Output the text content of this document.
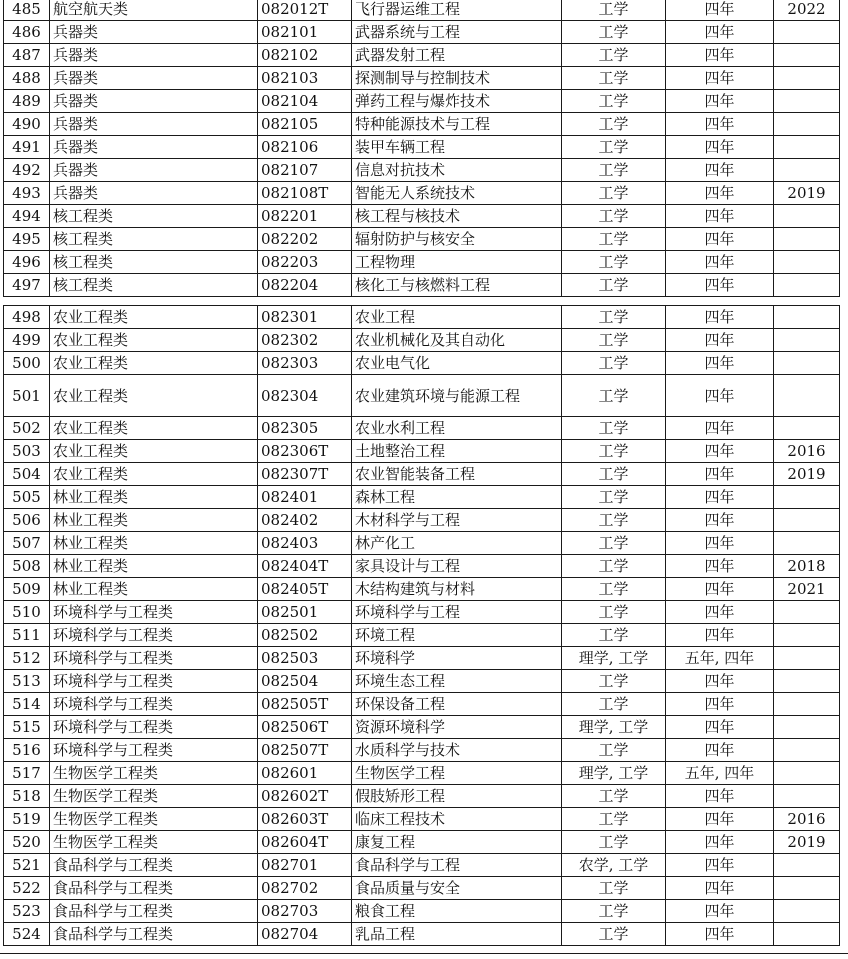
485	航空航天类	082012T	飞行器运维工程	工学	四年	2022
486	兵器类	082101	武器系统与工程	工学	四年	
487	兵器类	082102	武器发射工程	工学	四年	
488	兵器类	082103	探测制导与控制技术	工学	四年	
489	兵器类	082104	弹药工程与爆炸技术	工学	四年	
490	兵器类	082105	特种能源技术与工程	工学	四年	
491	兵器类	082106	装甲车辆工程	工学	四年	
492	兵器类	082107	信息对抗技术	工学	四年	
493	兵器类	082108T	智能无人系统技术	工学	四年	2019
494	核工程类	082201	核工程与核技术	工学	四年	
495	核工程类	082202	辐射防护与核安全	工学	四年	
496	核工程类	082203	工程物理	工学	四年	
497	核工程类	082204	核化工与核燃料工程	工学	四年	
498	农业工程类	082301	农业工程	工学	四年	
499	农业工程类	082302	农业机械化及其自动化	工学	四年	
500	农业工程类	082303	农业电气化	工学	四年	
501	农业工程类	082304	农业建筑环境与能源工程	工学	四年	
502	农业工程类	082305	农业水利工程	工学	四年	
503	农业工程类	082306T	土地整治工程	工学	四年	2016
504	农业工程类	082307T	农业智能装备工程	工学	四年	2019
505	林业工程类	082401	森林工程	工学	四年	
506	林业工程类	082402	木材科学与工程	工学	四年	
507	林业工程类	082403	林产化工	工学	四年	
508	林业工程类	082404T	家具设计与工程	工学	四年	2018
509	林业工程类	082405T	木结构建筑与材料	工学	四年	2021
510	环境科学与工程类	082501	环境科学与工程	工学	四年	
511	环境科学与工程类	082502	环境工程	工学	四年	
512	环境科学与工程类	082503	环境科学	理学, 工学	五年, 四年	
513	环境科学与工程类	082504	环境生态工程	工学	四年	
514	环境科学与工程类	082505T	环保设备工程	工学	四年	
515	环境科学与工程类	082506T	资源环境科学	理学, 工学	四年	
516	环境科学与工程类	082507T	水质科学与技术	工学	四年	
517	生物医学工程类	082601	生物医学工程	理学, 工学	五年, 四年	
518	生物医学工程类	082602T	假肢矫形工程	工学	四年	
519	生物医学工程类	082603T	临床工程技术	工学	四年	2016
520	生物医学工程类	082604T	康复工程	工学	四年	2019
521	食品科学与工程类	082701	食品科学与工程	农学, 工学	四年	
522	食品科学与工程类	082702	食品质量与安全	工学	四年	
523	食品科学与工程类	082703	粮食工程	工学	四年	
524	食品科学与工程类	082704	乳品工程	工学	四年	
